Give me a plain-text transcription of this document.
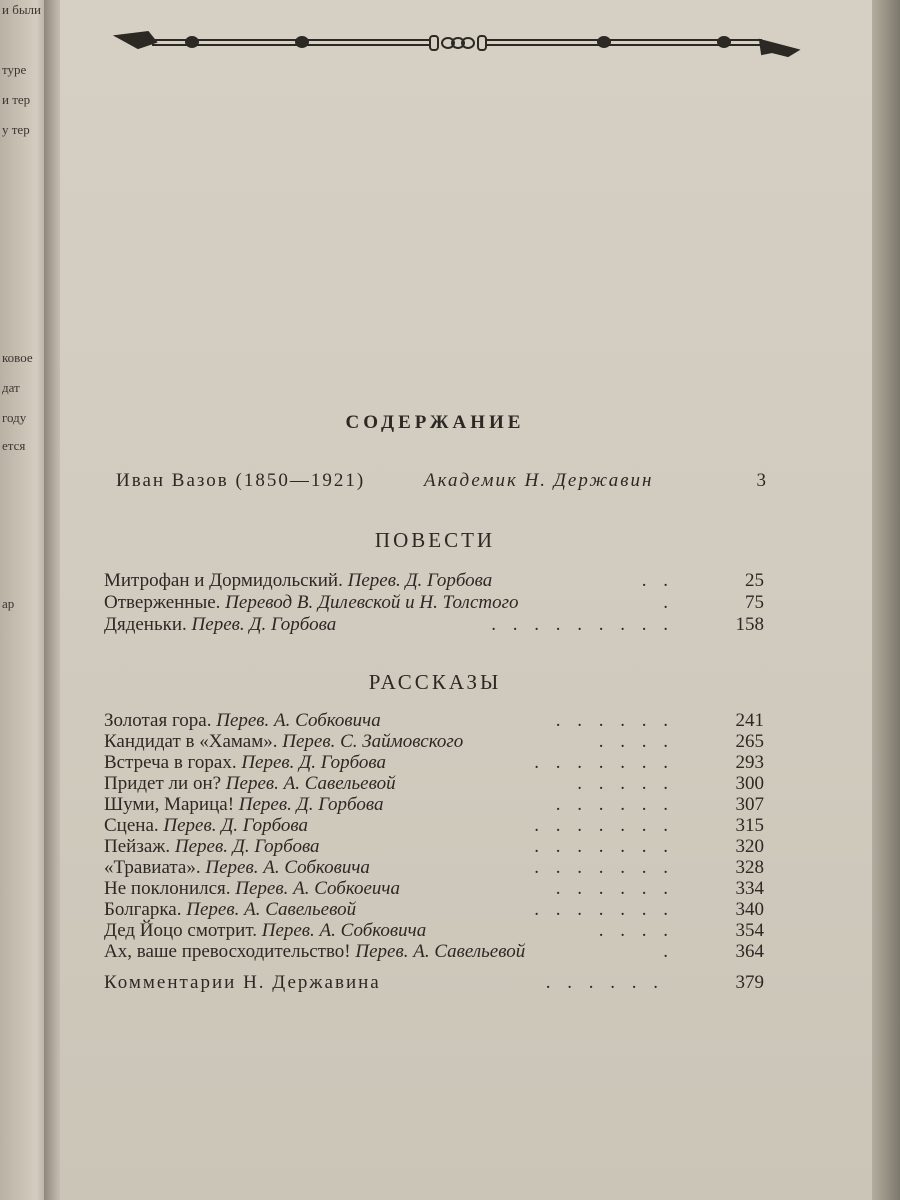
и были
туре
и тер
у тер
ковое
дат
году
ется
ар
СОДЕРЖАНИЕ
Иван Вазов (1850—1921)	Академик Н. Державин	3
ПОВЕСТИ
Митрофан и Дормидольский. Перев. Д. Горбова	. .	25
Отверженные. Перевод В. Дилевской и Н. Толстого	.	75
Дяденьки. Перев. Д. Горбова	. . . . . . . . .	158
РАССКАЗЫ
Золотая гора. Перев. А. Собковича	. . . . . .	241
Кандидат в «Хамам». Перев. С. Займовского	. . . .	265
Встреча в горах. Перев. Д. Горбова	. . . . . . .	293
Придет ли он? Перев. А. Савельевой	. . . . .	300
Шуми, Марица! Перев. Д. Горбова	. . . . . .	307
Сцена. Перев. Д. Горбова	. . . . . . .	315
Пейзаж. Перев. Д. Горбова	. . . . . . .	320
«Травиата». Перев. А. Собковича	. . . . . . .	328
Не поклонился. Перев. А. Собкоеича	. . . . . .	334
Болгарка. Перев. А. Савельевой	. . . . . . .	340
Дед Йоцо смотрит. Перев. А. Собковича	. . . .	354
Ах, ваше превосходительство! Перев. А. Савельевой	.	364
Комментарии Н. Державина	. . . . . .	379
